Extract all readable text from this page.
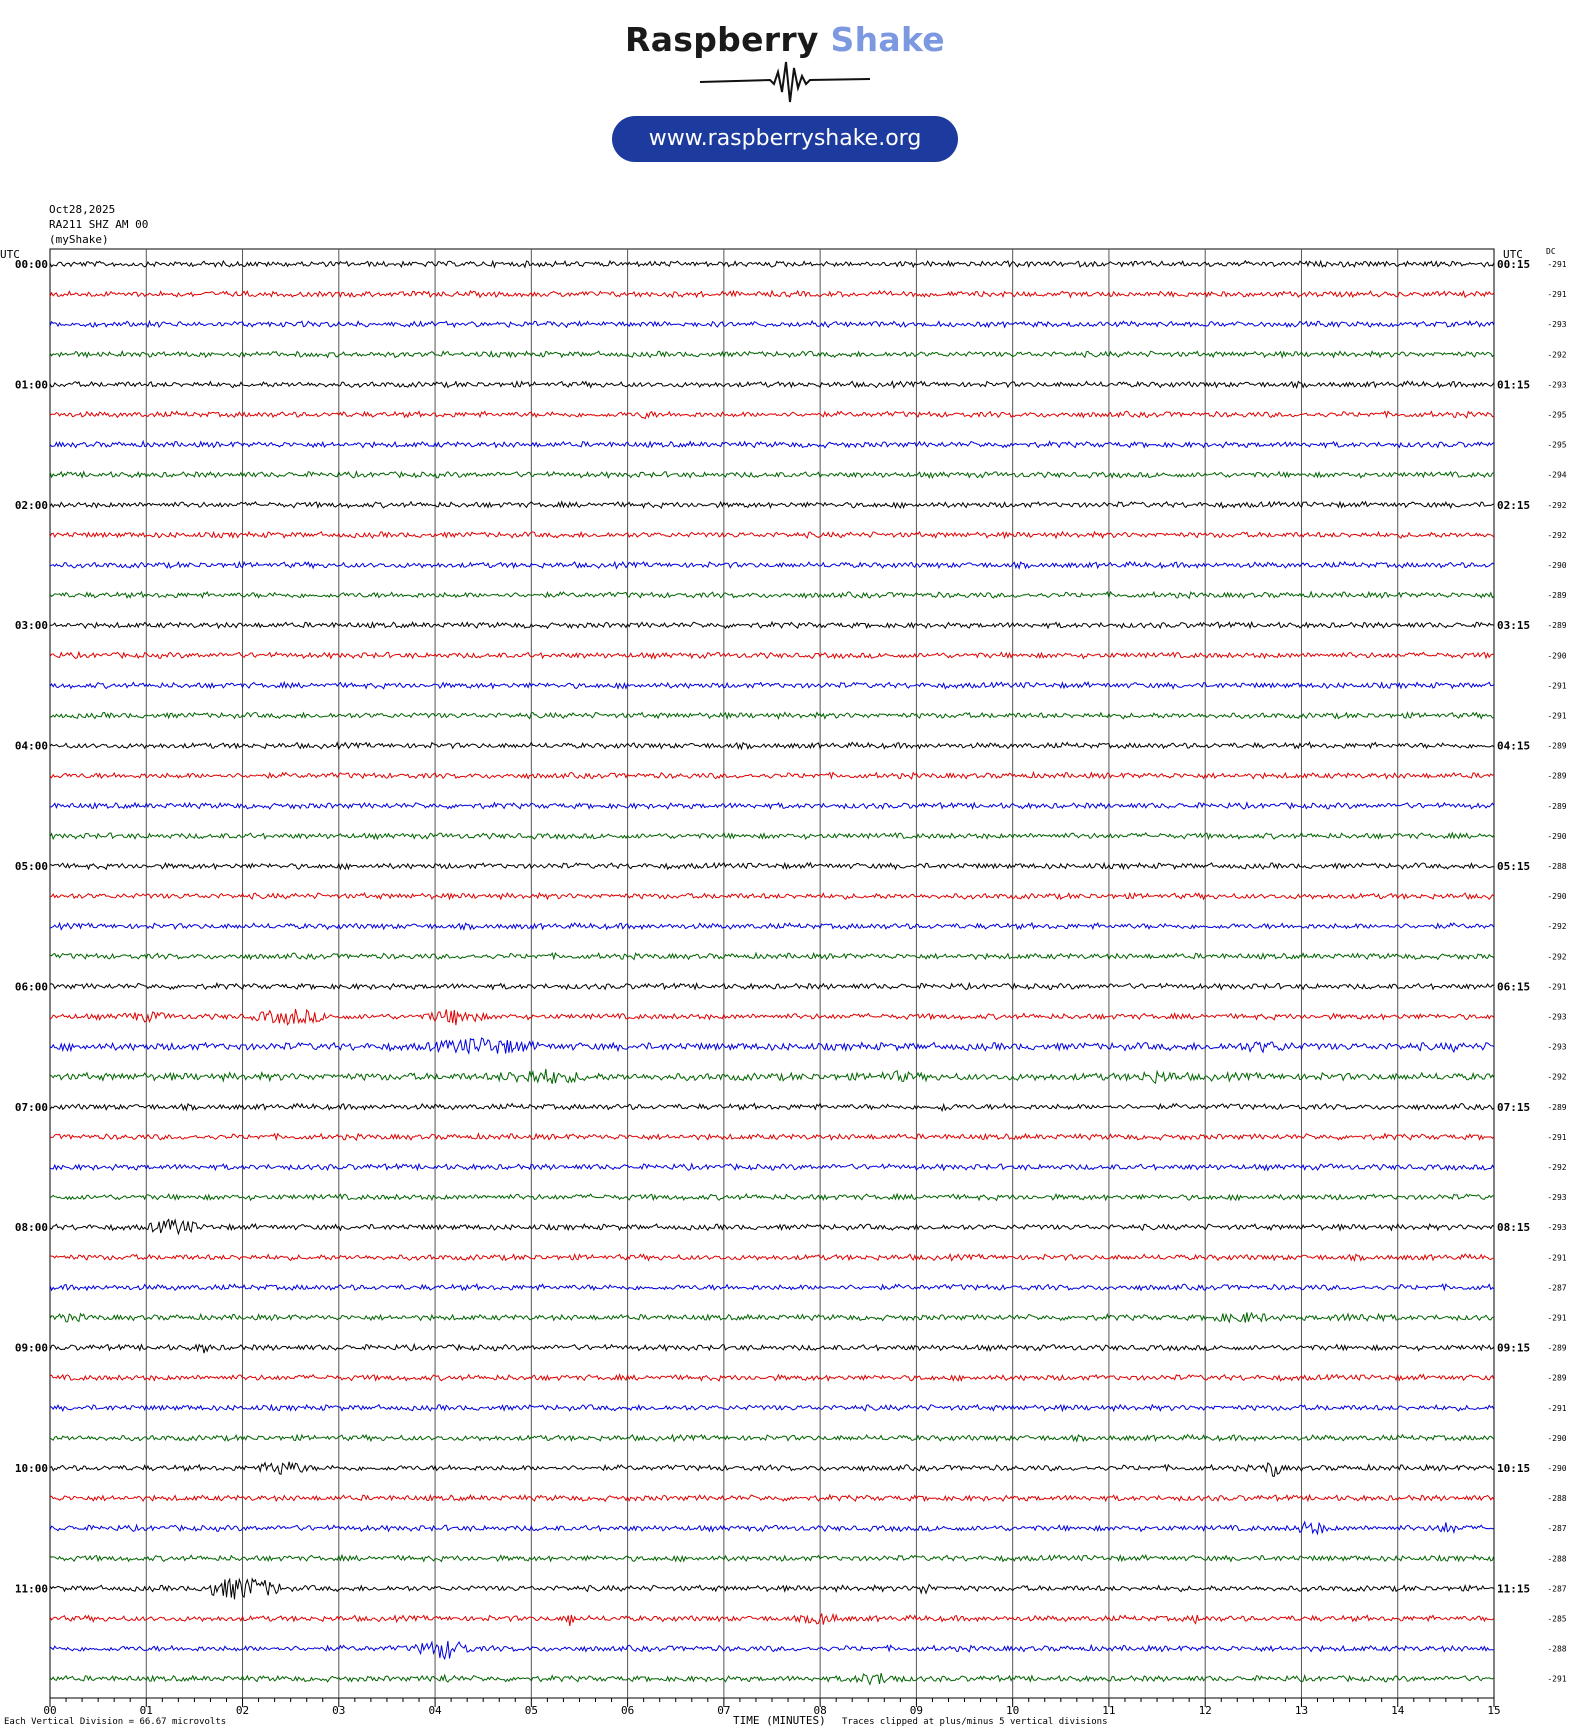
Raspberry Shake
www.raspberryshake.org
Oct28,2025
RA211 SHZ AM 00
(myShake)
UTC	UTC	DC
00	01	02	03	04	05	06	07	08	09	10	11	12	13	14	15
-291
00:00	00:15
-291
-293
-292
-293
01:00	01:15
-295
-295
-294
-292
02:00	02:15
-292
-290
-289
-289
03:00	03:15
-290
-291
-291
-289
04:00	04:15
-289
-289
-290
-288
05:00	05:15
-290
-292
-292
-291
06:00	06:15
-293
-293
-292
-289
07:00	07:15
-291
-292
-293
-293
08:00	08:15
-291
-287
-291
-289
09:00	09:15
-289
-291
-290
-290
10:00	10:15
-288
-287
-288
-287
11:00	11:15
-285
-288
-291
Each Vertical Division = 66.67 microvolts	TIME (MINUTES) Traces clipped at plus/minus 5 vertical divisions
